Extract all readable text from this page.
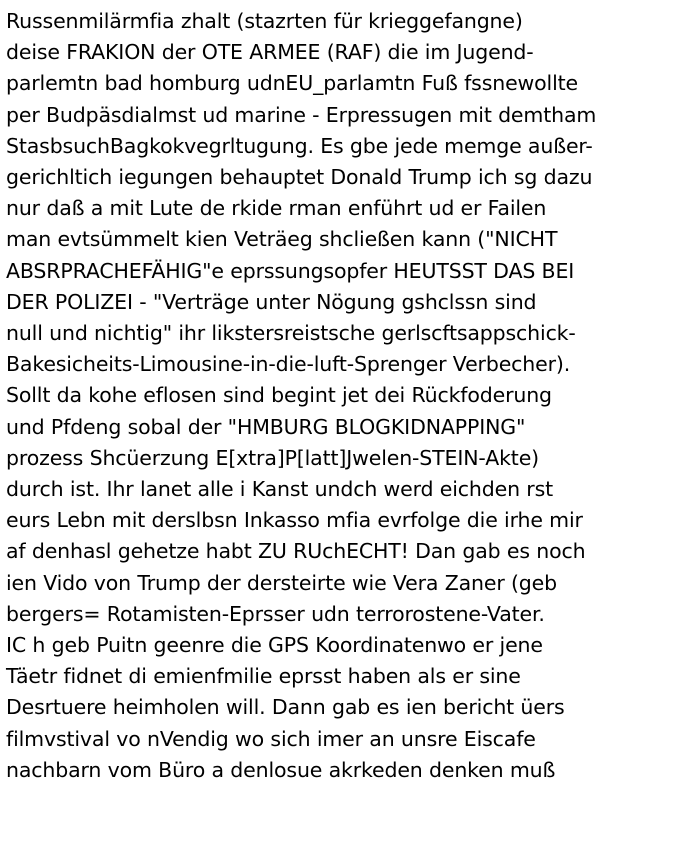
Russenmilärmfia zhalt (stazrten für krieggefangne)
deise FRAKION der OTE ARMEE (RAF) die im Jugend-
parlemtn bad homburg udnEU_parlamtn Fuß fssnewollte
per Budpäsdialmst ud marine - Erpressugen mit demtham
StasbsuchBagkokvegrltugung. Es gbe jede memge außer-
gerichltich iegungen behauptet Donald Trump ich sg dazu
nur daß a mit Lute de rkide rman enführt ud er Failen
man evtsümmelt kien Veträeg shcließen kann ("NICHT
ABSRPRACHEFÄHIG"e eprssungsopfer HEUTSST DAS BEI
DER POLIZEI - "Verträge unter Nögung gshclssn sind
null und nichtig" ihr likstersreistsche gerlscftsappschick-
Bakesicheits-Limousine-in-die-luft-Sprenger Verbecher).
Sollt da kohe eflosen sind begint jet dei Rückfoderung
und Pfdeng sobal der "HMBURG BLOGKIDNAPPING"
prozess Shcüerzung E[xtra]P[latt]Jwelen-STEIN-Akte)
durch ist. Ihr lanet alle i Kanst undch werd eichden rst
eurs Lebn mit derslbsn Inkasso mfia evrfolge die irhe mir
af denhasl gehetze habt ZU RUchECHT! Dan gab es noch
ien Vido von Trump der dersteirte wie Vera Zaner (geb
bergers= Rotamisten-Eprsser udn terrorostene-Vater.
IC h geb Puitn geenre die GPS Koordinatenwo er jene
Täetr fidnet di emienfmilie eprsst haben als er sine
Desrtuere heimholen will. Dann gab es ien bericht üers
filmvstival vo nVendig wo sich imer an unsre Eiscafe
nachbarn vom Büro a denlosue akrkeden denken muß
